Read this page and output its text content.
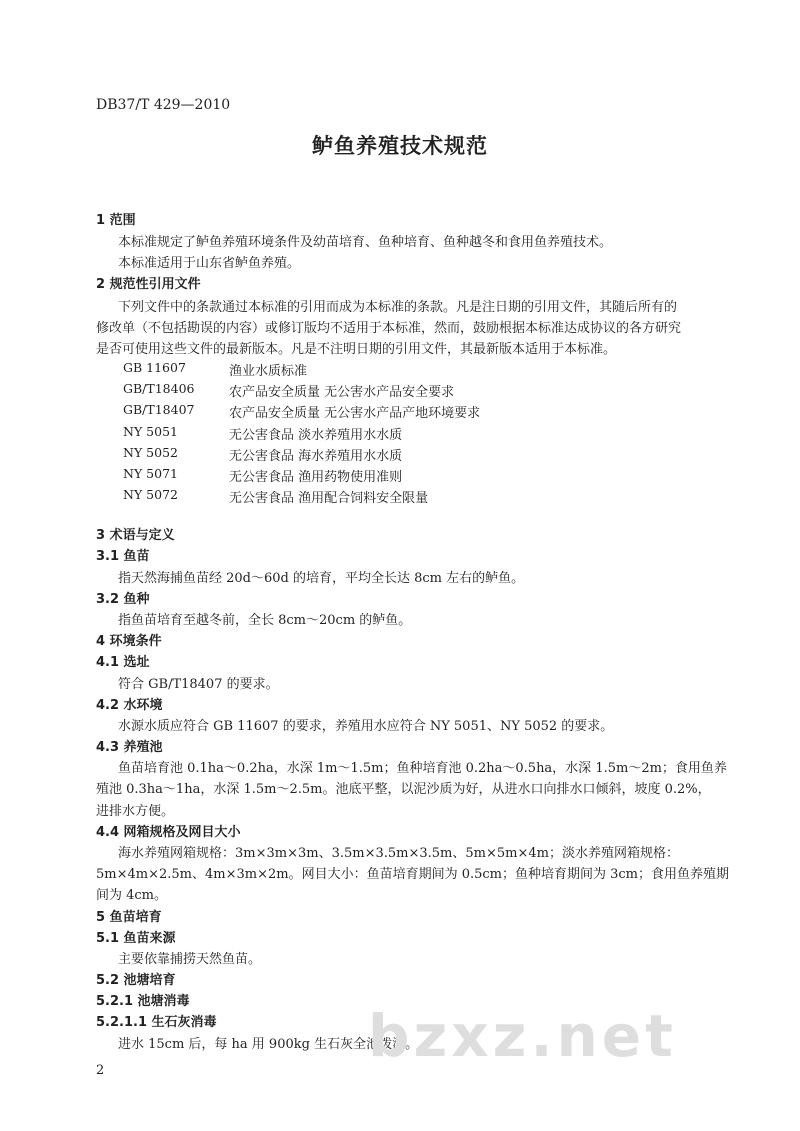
DB37/T 429—2010
鲈鱼养殖技术规范
1 范围
本标准规定了鲈鱼养殖环境条件及幼苗培育、鱼种培育、鱼种越冬和食用鱼养殖技术。
本标准适用于山东省鲈鱼养殖。
2 规范性引用文件
下列文件中的条款通过本标准的引用而成为本标准的条款。凡是注日期的引用文件，其随后所有的
修改单（不包括勘误的内容）或修订版均不适用于本标准，然而，鼓励根据本标准达成协议的各方研究
是否可使用这些文件的最新版本。凡是不注明日期的引用文件，其最新版本适用于本标准。
GB 11607	渔业水质标准
GB/T18406	农产品安全质量 无公害水产品安全要求
GB/T18407	农产品安全质量 无公害水产品产地环境要求
NY 5051	无公害食品 淡水养殖用水水质
NY 5052	无公害食品 海水养殖用水水质
NY 5071	无公害食品 渔用药物使用准则
NY 5072	无公害食品 渔用配合饲料安全限量
3 术语与定义
3.1 鱼苗
指天然海捕鱼苗经 20d～60d 的培育，平均全长达 8cm 左右的鲈鱼。
3.2 鱼种
指鱼苗培育至越冬前，全长 8cm～20cm 的鲈鱼。
4 环境条件
4.1 选址
符合 GB/T18407 的要求。
4.2 水环境
水源水质应符合 GB 11607 的要求，养殖用水应符合 NY 5051、NY 5052 的要求。
4.3 养殖池
鱼苗培育池 0.1ha～0.2ha，水深 1m～1.5m；鱼种培育池 0.2ha～0.5ha，水深 1.5m～2m；食用鱼养
殖池 0.3ha～1ha，水深 1.5m～2.5m。池底平整，以泥沙质为好，从进水口向排水口倾斜，坡度 0.2%，
进排水方便。
4.4 网箱规格及网目大小
海水养殖网箱规格：3m×3m×3m、3.5m×3.5m×3.5m、5m×5m×4m；淡水养殖网箱规格：
5m×4m×2.5m、4m×3m×2m。网目大小：鱼苗培育期间为 0.5cm；鱼种培育期间为 3cm；食用鱼养殖期
间为 4cm。
5 鱼苗培育
5.1 鱼苗来源
主要依靠捕捞天然鱼苗。
5.2 池塘培育
5.2.1 池塘消毒
5.2.1.1 生石灰消毒
进水 15cm 后，每 ha 用 900kg 生石灰全池泼洒。
bzxz.net
2
